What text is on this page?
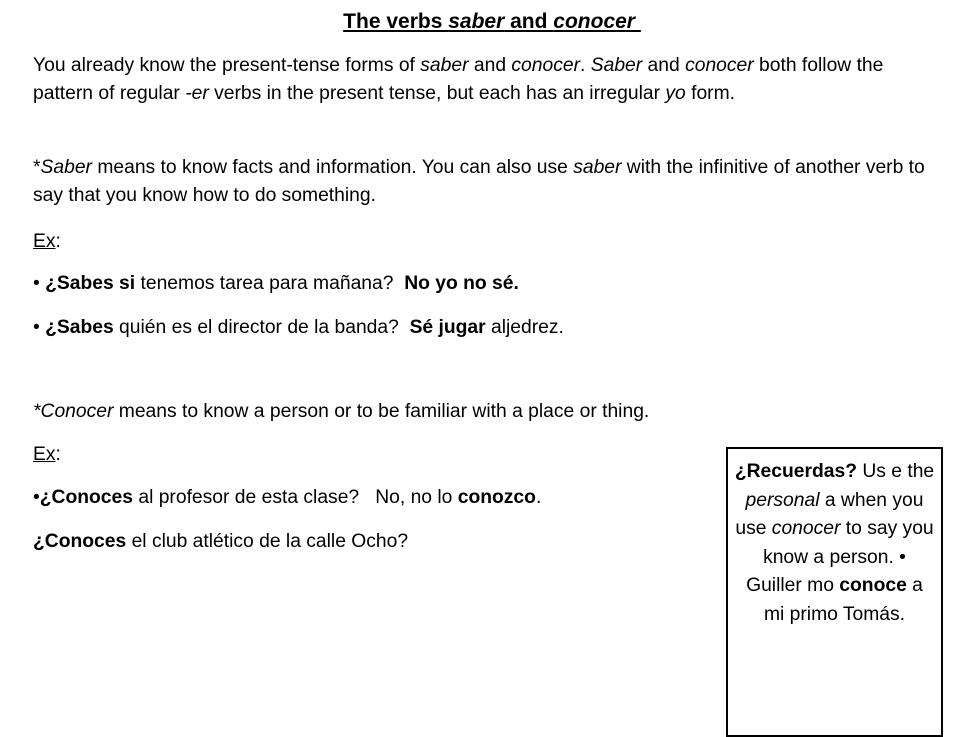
The verbs saber and conocer

You already know the present-tense forms of saber and conocer. Saber and conocer both follow the pattern of regular -er verbs in the present tense, but each has an irregular yo form.

*Saber means to know facts and information. You can also use saber with the infinitive of another verb to say that you know how to do something.

Ex:
• ¿Sabes si tenemos tarea para mañana?  No yo no sé.
• ¿Sabes quién es el director de la banda?  Sé jugar aljedrez.
*Conocer means to know a person or to be familiar with a place or thing.
Ex:
•¿Conoces al profesor de esta clase?   No, no lo conozco.
¿Conoces el club atlético de la calle Ocho?
¿Recuerdas? Us e the personal a when you use conocer to say you know a person. • Guiller mo conoce a mi primo Tomás.
